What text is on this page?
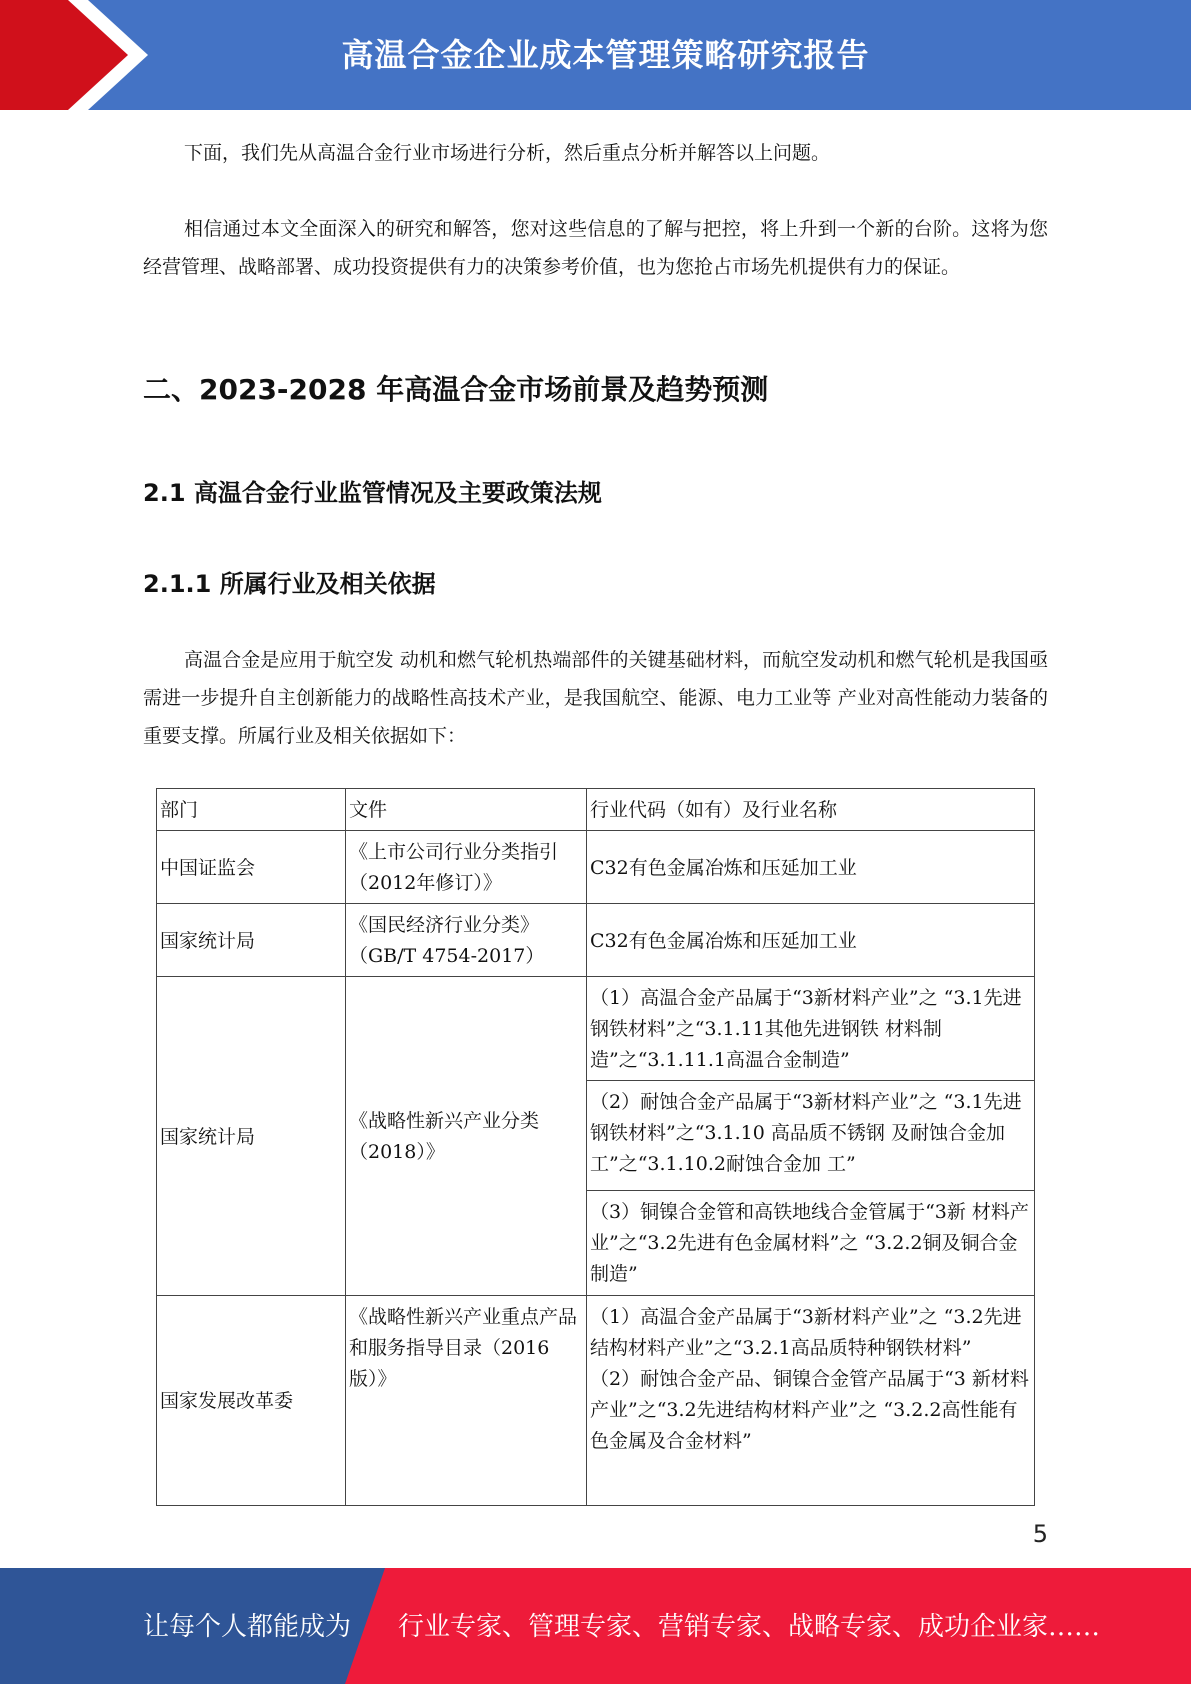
高温合金企业成本管理策略研究报告

下面，我们先从高温合金行业市场进行分析，然后重点分析并解答以上问题。

相信通过本文全面深入的研究和解答，您对这些信息的了解与把控，将上升到一个新的台阶。这将为您经营管理、战略部署、成功投资提供有力的决策参考价值，也为您抢占市场先机提供有力的保证。

二、2023-2028 年高温合金市场前景及趋势预测
2.1 高温合金行业监管情况及主要政策法规
2.1.1 所属行业及相关依据

高温合金是应用于航空发 动机和燃气轮机热端部件的关键基础材料，而航空发动机和燃气轮机是我国亟需进一步提升自主创新能力的战略性高技术产业，是我国航空、能源、电力工业等 产业对高性能动力装备的重要支撑。所属行业及相关依据如下：

部门	文件	行业代码（如有）及行业名称
中国证监会	《上市公司行业分类指引（2012年修订）》	C32有色金属冶炼和压延加工业
国家统计局	《国民经济行业分类》（GB/T 4754-2017）	C32有色金属冶炼和压延加工业
国家统计局	《战略性新兴产业分类（2018）》	（1）高温合金产品属于“3新材料产业”之 “3.1先进钢铁材料”之“3.1.11其他先进钢铁 材料制造”之“3.1.11.1高温合金制造”
		（2）耐蚀合金产品属于“3新材料产业”之 “3.1先进钢铁材料”之“3.1.10 高品质不锈钢 及耐蚀合金加工”之“3.1.10.2耐蚀合金加 工”
		（3）铜镍合金管和高铁地线合金管属于“3新 材料产业”之“3.2先进有色金属材料”之 “3.2.2铜及铜合金制造”
国家发展改革委	《战略性新兴产业重点产品和服务指导目录（2016版）》	（1）高温合金产品属于“3新材料产业”之 “3.2先进结构材料产业”之“3.2.1高品质特种钢铁材料”
（2）耐蚀合金产品、铜镍合金管产品属于“3 新材料产业”之“3.2先进结构材料产业”之 “3.2.2高性能有色金属及合金材料”
5
让每个人都能成为 行业专家、管理专家、营销专家、战略专家、成功企业家……
